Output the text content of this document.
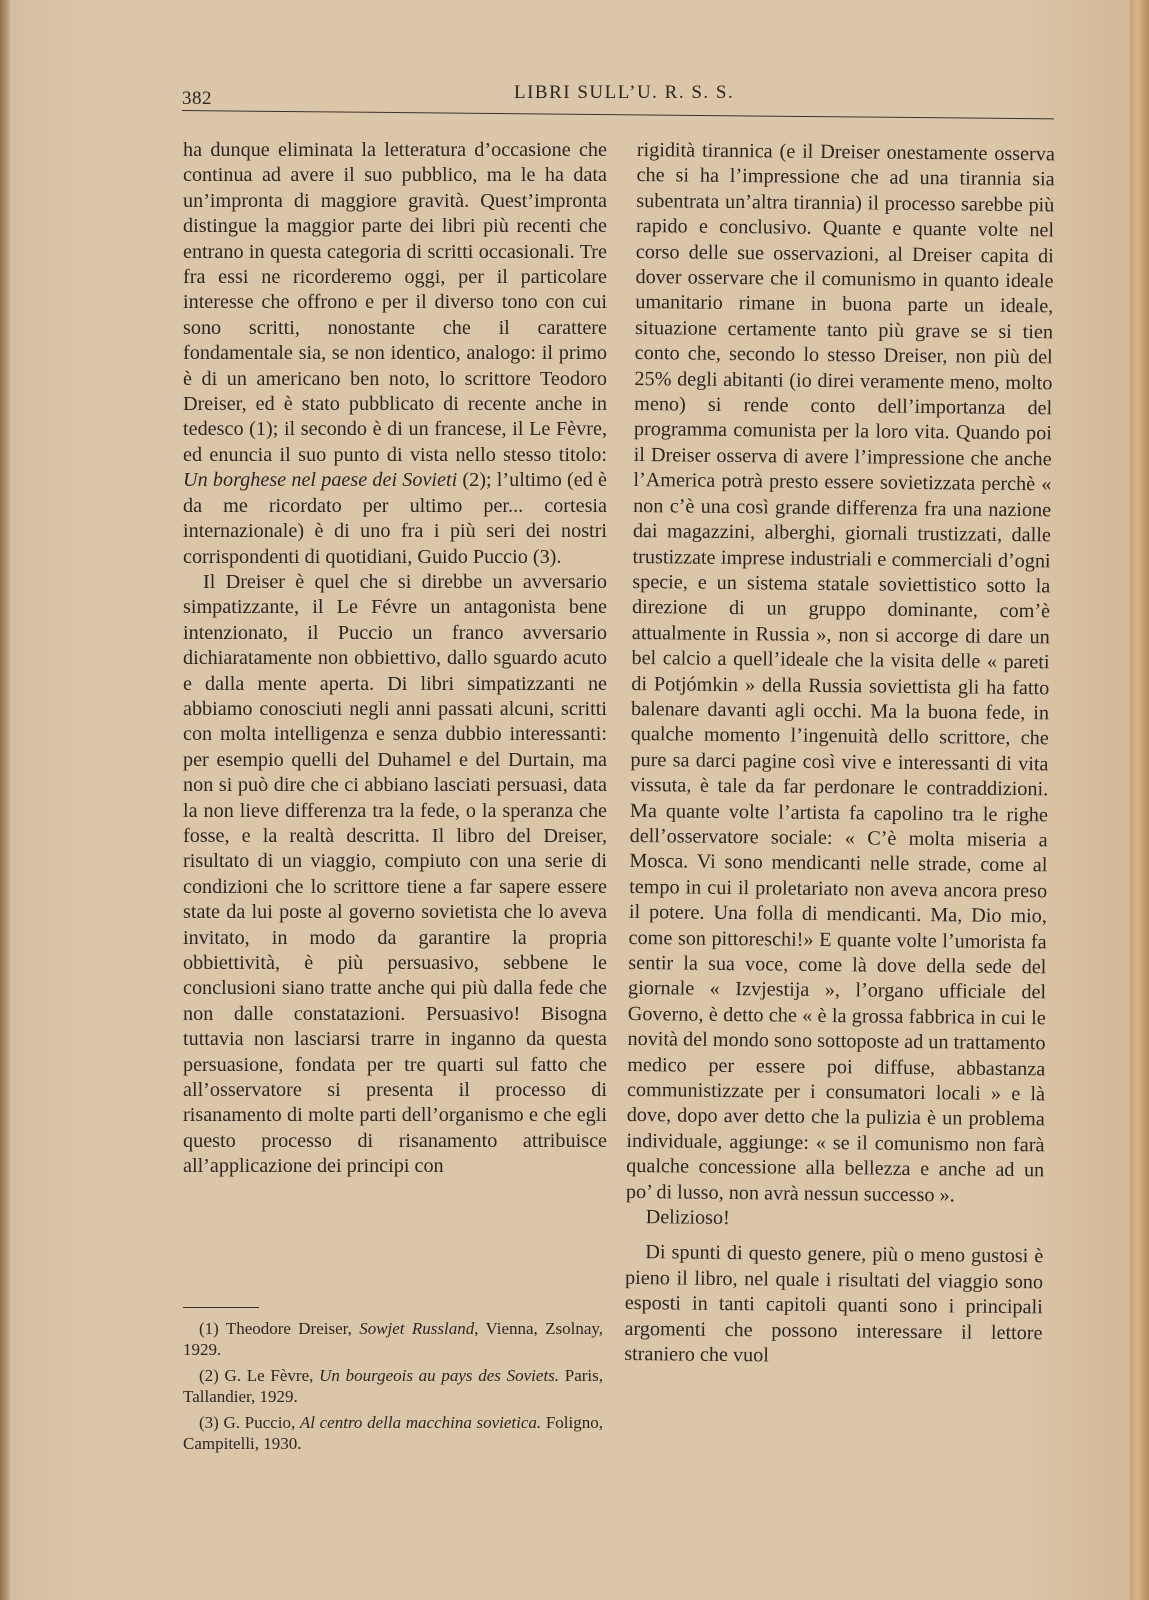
382	LIBRI SULL’U. R. S. S.

ha dunque eliminata la letteratura d’occasione che continua ad avere il suo pubblico, ma le ha data un’impronta di maggiore gravità. Quest’impronta distingue la maggior parte dei libri più recenti che entrano in questa categoria di scritti occasionali. Tre fra essi ne ricorderemo oggi, per il particolare interesse che offrono e per il diverso tono con cui sono scritti, nonostante che il carattere fondamentale sia, se non identico, analogo: il primo è di un americano ben noto, lo scrittore Teodoro Dreiser, ed è stato pubblicato di recente anche in tedesco (1); il secondo è di un francese, il Le Fèvre, ed enuncia il suo punto di vista nello stesso titolo: Un borghese nel paese dei Sovieti (2); l’ultimo (ed è da me ricordato per ultimo per... cortesia internazionale) è di uno fra i più seri dei nostri corrispondenti di quotidiani, Guido Puccio (3).

Il Dreiser è quel che si direbbe un avversario simpatizzante, il Le Févre un antagonista bene intenzionato, il Puccio un franco avversario dichiaratamente non obbiettivo, dallo sguardo acuto e dalla mente aperta. Di libri simpatizzanti ne abbiamo conosciuti negli anni passati alcuni, scritti con molta intelligenza e senza dubbio interessanti: per esempio quelli del Duhamel e del Durtain, ma non si può dire che ci abbiano lasciati persuasi, data la non lieve differenza tra la fede, o la speranza che fosse, e la realtà descritta. Il libro del Dreiser, risultato di un viaggio, compiuto con una serie di condizioni che lo scrittore tiene a far sapere essere state da lui poste al governo sovietista che lo aveva invitato, in modo da garantire la propria obbiettività, è più persuasivo, sebbene le conclusioni siano tratte anche qui più dalla fede che non dalle constatazioni. Persuasivo! Bisogna tuttavia non lasciarsi trarre in inganno da questa persuasione, fondata per tre quarti sul fatto che all’osservatore si presenta il processo di risanamento di molte parti dell’organismo e che egli questo processo di risanamento attribuisce all’applicazione dei principi con

(1) Theodore Dreiser, Sowjet Russland, Vienna, Zsolnay, 1929.

(2) G. Le Fèvre, Un bourgeois au pays des Soviets. Paris, Tallandier, 1929.

(3) G. Puccio, Al centro della macchina sovietica. Foligno, Campitelli, 1930.

rigidità tirannica (e il Dreiser onestamente osserva che si ha l’impressione che ad una tirannia sia subentrata un’altra tirannia) il processo sarebbe più rapido e conclusivo. Quante e quante volte nel corso delle sue osservazioni, al Dreiser capita di dover osservare che il comunismo in quanto ideale umanitario rimane in buona parte un ideale, situazione certamente tanto più grave se si tien conto che, secondo lo stesso Dreiser, non più del 25% degli abitanti (io direi veramente meno, molto meno) si rende conto dell’importanza del programma comunista per la loro vita. Quando poi il Dreiser osserva di avere l’impressione che anche l’America potrà presto essere sovietizzata perchè « non c’è una così grande differenza fra una nazione dai magazzini, alberghi, giornali trustizzati, dalle trustizzate imprese industriali e commerciali d’ogni specie, e un sistema statale soviettistico sotto la direzione di un gruppo dominante, com’è attualmente in Russia », non si accorge di dare un bel calcio a quell’ideale che la visita delle « pareti di Potjómkin » della Russia soviettista gli ha fatto balenare davanti agli occhi. Ma la buona fede, in qualche momento l’ingenuità dello scrittore, che pure sa darci pagine così vive e interessanti di vita vissuta, è tale da far perdonare le contraddizioni. Ma quante volte l’artista fa capolino tra le righe dell’osservatore sociale: « C’è molta miseria a Mosca. Vi sono mendicanti nelle strade, come al tempo in cui il proletariato non aveva ancora preso il potere. Una folla di mendicanti. Ma, Dio mio, come son pittoreschi!» E quante volte l’umorista fa sentir la sua voce, come là dove della sede del giornale « Izvjestija », l’organo ufficiale del Governo, è detto che « è la grossa fabbrica in cui le novità del mondo sono sottoposte ad un trattamento medico per essere poi diffuse, abbastanza communistizzate per i consumatori locali » e là dove, dopo aver detto che la pulizia è un problema individuale, aggiunge: « se il comunismo non farà qualche concessione alla bellezza e anche ad un po’ di lusso, non avrà nessun successo ».

Delizioso!

Di spunti di questo genere, più o meno gustosi è pieno il libro, nel quale i risultati del viaggio sono esposti in tanti capitoli quanti sono i principali argomenti che possono interessare il lettore straniero che vuol
